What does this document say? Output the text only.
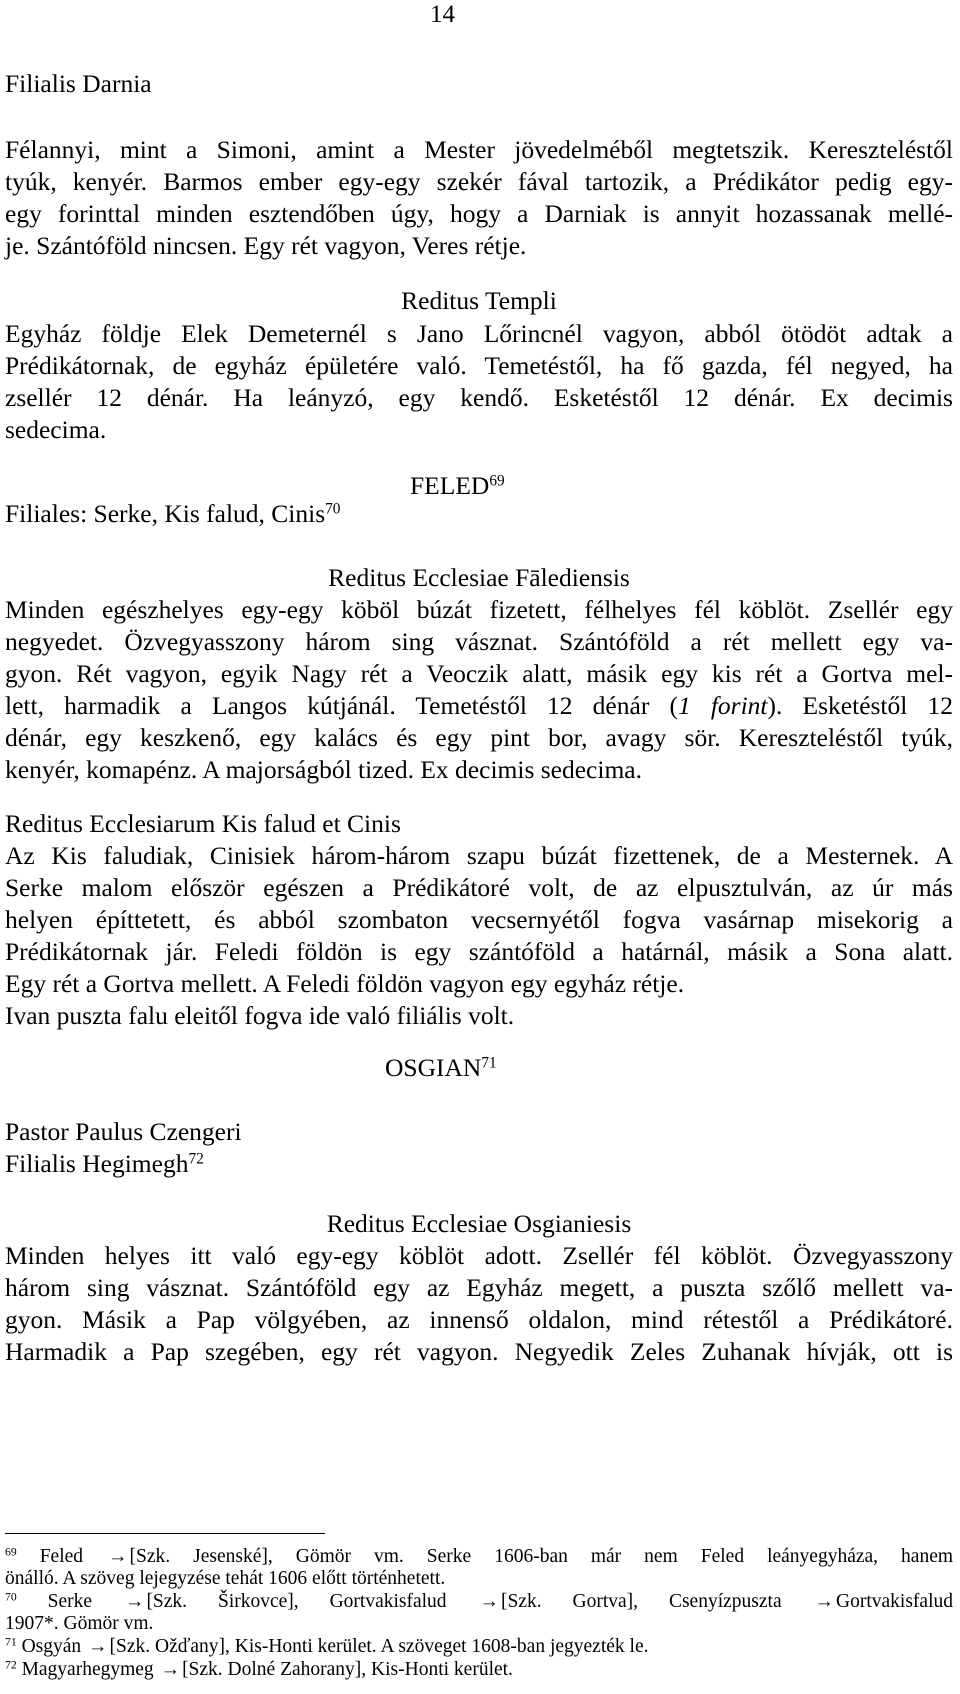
14
Filialis Darnia
Félannyi, mint a Simoni, amint a Mester jövedelméből megtetszik. Kereszteléstől
tyúk, kenyér. Barmos ember egy-egy szekér fával tartozik, a Prédikátor pedig egy-
egy forinttal minden esztendőben úgy, hogy a Darniak is annyit hozassanak mellé-
je. Szántóföld nincsen. Egy rét vagyon, Veres rétje.
Reditus Templi
Egyház földje Elek Demeternél s Jano Lőrincnél vagyon, abból ötödöt adtak a
Prédikátornak, de egyház épületére való. Temetéstől, ha fő gazda, fél negyed, ha
zsellér 12 dénár. Ha leányzó, egy kendő. Esketéstől 12 dénár. Ex decimis
sedecima.
FELED$^{69}$
Filiales: Serke, Kis falud, Cinis$^{70}$
Reditus Ecclesiae Fālediensis
Minden egészhelyes egy-egy köböl búzát fizetett, félhelyes fél köblöt. Zsellér egy
negyedet. Özvegyasszony három sing vásznat. Szántóföld a rét mellett egy va-
gyon. Rét vagyon, egyik Nagy rét a Veoczik alatt, másik egy kis rét a Gortva mel-
lett, harmadik a Langos kútjánál. Temetéstől 12 dénár (1 forint). Esketéstől 12
dénár, egy keszkenő, egy kalács és egy pint bor, avagy sör. Kereszteléstől tyúk,
kenyér, komapénz. A majorságból tized. Ex decimis sedecima.
Reditus Ecclesiarum Kis falud et Cinis
Az Kis faludiak, Cinisiek három-három szapu búzát fizettenek, de a Mesternek. A
Serke malom először egészen a Prédikátoré volt, de az elpusztulván, az úr más
helyen építtetett, és abból szombaton vecsernyétől fogva vasárnap misekorig a
Prédikátornak jár. Feledi földön is egy szántóföld a határnál, másik a Sona alatt.
Egy rét a Gortva mellett. A Feledi földön vagyon egy egyház rétje.
Ivan puszta falu eleitől fogva ide való filiális volt.
OSGIAN$^{71}$
Pastor Paulus Czengeri
Filialis Hegimegh$^{72}$
Reditus Ecclesiae Osgianiesis
Minden helyes itt való egy-egy köblöt adott. Zsellér fél köblöt. Özvegyasszony
három sing vásznat. Szántóföld egy az Egyház megett, a puszta szőlő mellett va-
gyon. Másik a Pap völgyében, az innenső oldalon, mind rétestől a Prédikátoré.
Harmadik a Pap szegében, egy rét vagyon. Negyedik Zeles Zuhanak hívják, ott is
$^{69}$ Feled → [Szk. Jesenské], Gömör vm. Serke 1606-ban már nem Feled leányegyháza, hanem
önálló. A szöveg lejegyzése tehát 1606 előtt történhetett.
$^{70}$ Serke → [Szk. Širkovce], Gortvakisfalud → [Szk. Gortva], Csenyízpuszta → Gortvakisfalud
1907*. Gömör vm.
$^{71}$ Osgyán → [Szk. Ožďany], Kis-Honti kerület. A szöveget 1608-ban jegyezték le.
$^{72}$ Magyarhegymeg → [Szk. Dolné Zahorany], Kis-Honti kerület.
